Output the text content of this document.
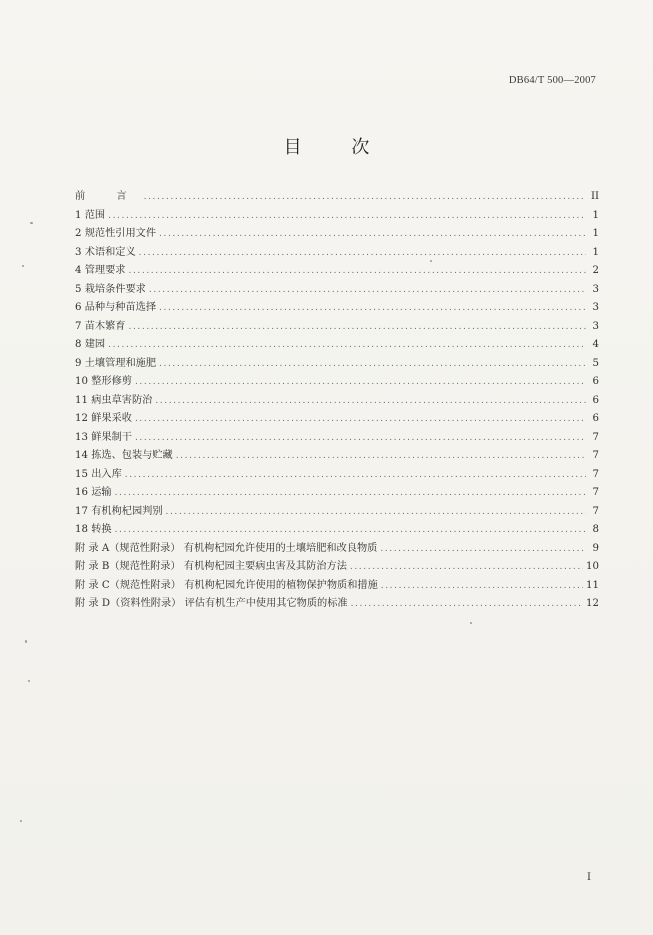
DB64/T 500—2007
目 次
前 言 .....	II
1 范围 .....	1
2 规范性引用文件 .....	1
3 术语和定义 .....	1
4 管理要求 .....	2
5 栽培条件要求 .....	3
6 品种与种苗选择 .....	3
7 苗木繁育 .....	3
8 建园 .....	4
9 土壤管理和施肥 .....	5
10 整形修剪 .....	6
11 病虫草害防治 .....	6
12 鲜果采收 .....	6
13 鲜果制干 .....	7
14 拣选、包装与贮藏 .....	7
15 出入库 .....	7
16 运输 .....	7
17 有机枸杞园判别 .....	7
18 转换 .....	8
附 录 A（规范性附录） 有机枸杞园允许使用的土壤培肥和改良物质 .....	9
附 录 B（规范性附录） 有机枸杞园主要病虫害及其防治方法 .....	10
附 录 C（规范性附录） 有机枸杞园允许使用的植物保护物质和措施 .....	11
附 录 D（资料性附录） 评估有机生产中使用其它物质的标准 .....	12
I
